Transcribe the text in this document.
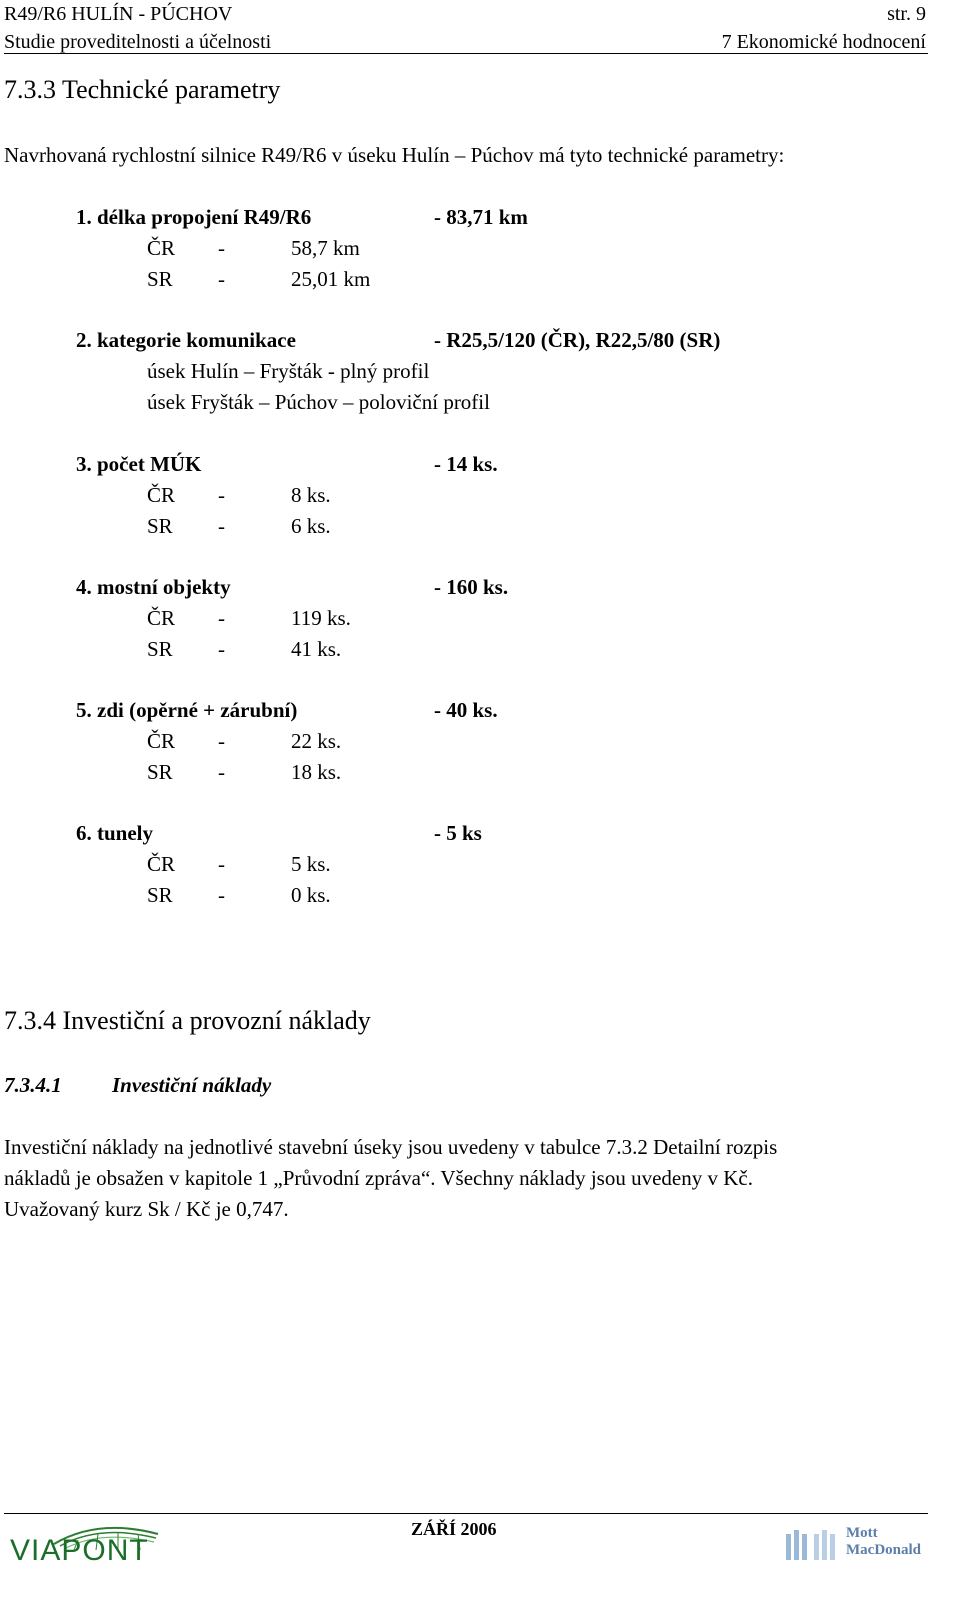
R49/R6 HULÍN - PÚCHOV	str. 9
Studie proveditelnosti a účelnosti	7 Ekonomické hodnocení
7.3.3 Technické parametry
Navrhovaná rychlostní silnice R49/R6 v úseku Hulín – Púchov má tyto technické parametry:
1. délka propojení R49/R6	- 83,71 km
ČR -	58,7 km
SR -	25,01 km
2. kategorie komunikace	- R25,5/120 (ČR), R22,5/80 (SR)
úsek Hulín – Fryšták - plný profil
úsek Fryšták – Púchov – poloviční profil
3. počet MÚK	- 14 ks.
ČR -	8 ks.
SR -	6 ks.
4. mostní objekty	- 160 ks.
ČR -	119 ks.
SR -	41 ks.
5. zdi (opěrné + zárubní)	- 40 ks.
ČR -	22 ks.
SR -	18 ks.
6. tunely	- 5 ks
ČR -	5 ks.
SR -	0 ks.
7.3.4 Investiční a provozní náklady
7.3.4.1 Investiční náklady
Investiční náklady na jednotlivé stavební úseky jsou uvedeny v tabulce 7.3.2 Detailní rozpis
nákladů je obsažen v kapitole 1 „Průvodní zpráva“. Všechny náklady jsou uvedeny v Kč.
Uvažovaný kurz Sk / Kč je 0,747.
VIAPONT
ZÁŘÍ 2006	Mott
MacDonald
